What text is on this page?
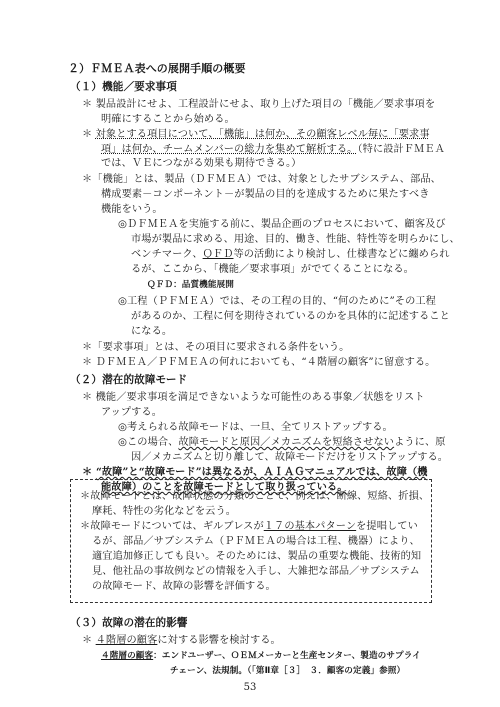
２）ＦＭＥＡ表への展開手順の概要
（１）機能／要求事項
＊ 製品設計にせよ、工程設計にせよ、取り上げた項目の「機能／要求事項を
明確にすることから始める。
＊ 対象とする項目について、「機能」は何か、その顧客レベル毎に「要求事
項」は何か、チームメンバーの総力を集めて解析する。（特に設計ＦＭＥＡ
では、ＶＥにつながる効果も期待できる。）
＊「機能」とは、製品（ＤＦＭＥＡ）では、対象としたサブシステム、部品、
構成要素－コンポーネント－が製品の目的を達成するために果たすべき
機能をいう。
◎ＤＦＭＥＡを実施する前に、製品企画のプロセスにおいて、顧客及び
市場が製品に求める、用途、目的、働き、性能、特性等を明らかにし、
ベンチマーク、ＱＦＤ等の活動により検討し、仕様書などに纏められ
るが、ここから、「機能／要求事項」がでてくることになる。
ＱＦＤ：品質機能展開
◎工程（ＰＦＭＥＡ）では、その工程の目的、“何のために”その工程
があるのか、工程に何を期待されているのかを具体的に記述すること
になる。
＊「要求事項」とは、その項目に要求される条件をいう。
＊ ＤＦＭＥＡ／ＰＦＭＥＡの何れにおいても、“４階層の顧客”に留意する。
（２）潜在的故障モード
＊ 機能／要求事項を満足できないような可能性のある事象／状態をリスト
アップする。
◎考えられる故障モードは、一旦、全てリストアップする。
◎この場合、故障モードと原因／メカニズムを短絡させないように、原
因／メカニズムと切り離して、故障モードだけをリストアップする。
＊ “故障”と“故障モード”は異なるが、ＡＩＡＧマニュアルでは、故障（機
能故障）のことを故障モードとして取り扱っている。
＊故障モードとは、故障状態の分類のことで、例えば、断線、短絡、折損、
摩耗、特性の劣化などを云う。
＊故障モードについては、ギルブレスが１７の基本パターンを提唱してい
るが、部品／サブシステム（ＰＦＭＥＡの場合は工程、機器）により、
適宜追加修正しても良い。そのためには、製品の重要な機能、技術的知
見、他社品の事故例などの情報を入手し、大雑把な部品／サブシステム
の故障モード、故障の影響を評価する。
（３）故障の潜在的影響
＊ ４階層の顧客に対する影響を検討する。
４階層の顧客：エンドユーザー、ＯＥＭメーカーと生産センター、製造のサプライ
チェーン、法規制。（「第Ⅱ章［３］　３．顧客の定義」参照）
53
